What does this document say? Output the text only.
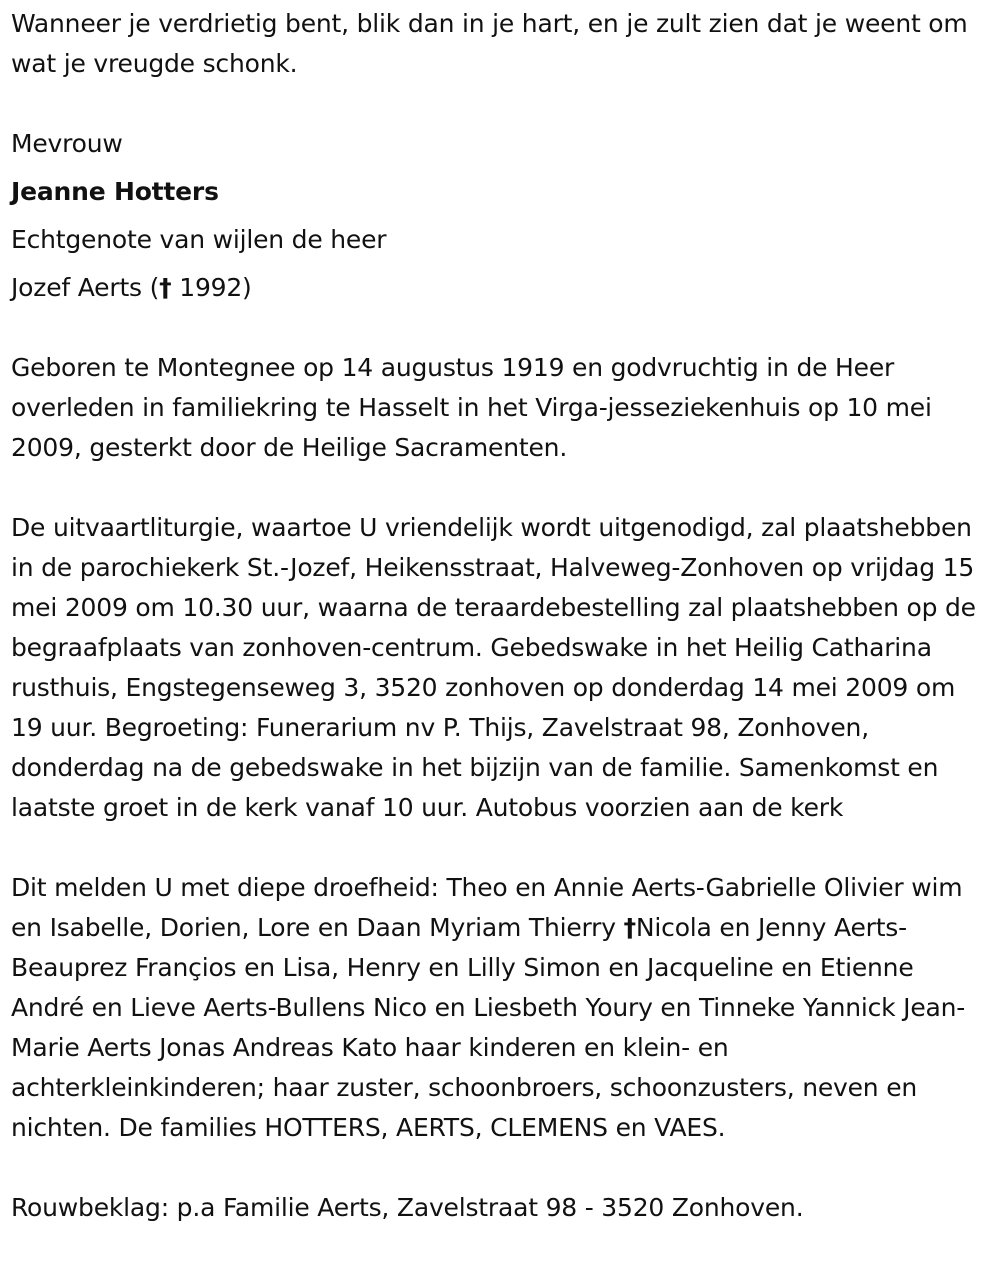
Wanneer je verdrietig bent, blik dan in je hart, en je zult zien dat je weent om wat je vreugde schonk.

Mevrouw
Jeanne Hotters
Echtgenote van wijlen de heer
Jozef Aerts († 1992)

Geboren te Montegnee op 14 augustus 1919 en godvruchtig in de Heer overleden in familiekring te Hasselt in het Virga-jesseziekenhuis op 10 mei 2009, gesterkt door de Heilige Sacramenten.

De uitvaartliturgie, waartoe U vriendelijk wordt uitgenodigd, zal plaatshebben in de parochiekerk St.-Jozef, Heikensstraat, Halveweg-Zonhoven op vrijdag 15 mei 2009 om 10.30 uur, waarna de teraardebestelling zal plaatshebben op de begraafplaats van zonhoven-centrum. Gebedswake in het Heilig Catharina rusthuis, Engstegenseweg 3, 3520 zonhoven op donderdag 14 mei 2009 om 19 uur. Begroeting: Funerarium nv P. Thijs, Zavelstraat 98, Zonhoven, donderdag na de gebedswake in het bijzijn van de familie. Samenkomst en laatste groet in de kerk vanaf 10 uur. Autobus voorzien aan de kerk

Dit melden U met diepe droefheid: Theo en Annie Aerts-Gabrielle Olivier wim en Isabelle, Dorien, Lore en Daan Myriam Thierry †Nicola en Jenny Aerts-Beauprez Françios en Lisa, Henry en Lilly Simon en Jacqueline en Etienne André en Lieve Aerts-Bullens Nico en Liesbeth Youry en Tinneke Yannick Jean-Marie Aerts Jonas Andreas Kato haar kinderen en klein- en achterkleinkinderen; haar zuster, schoonbroers, schoonzusters, neven en nichten. De families HOTTERS, AERTS, CLEMENS en VAES.

Rouwbeklag: p.a Familie Aerts, Zavelstraat 98 - 3520 Zonhoven.
